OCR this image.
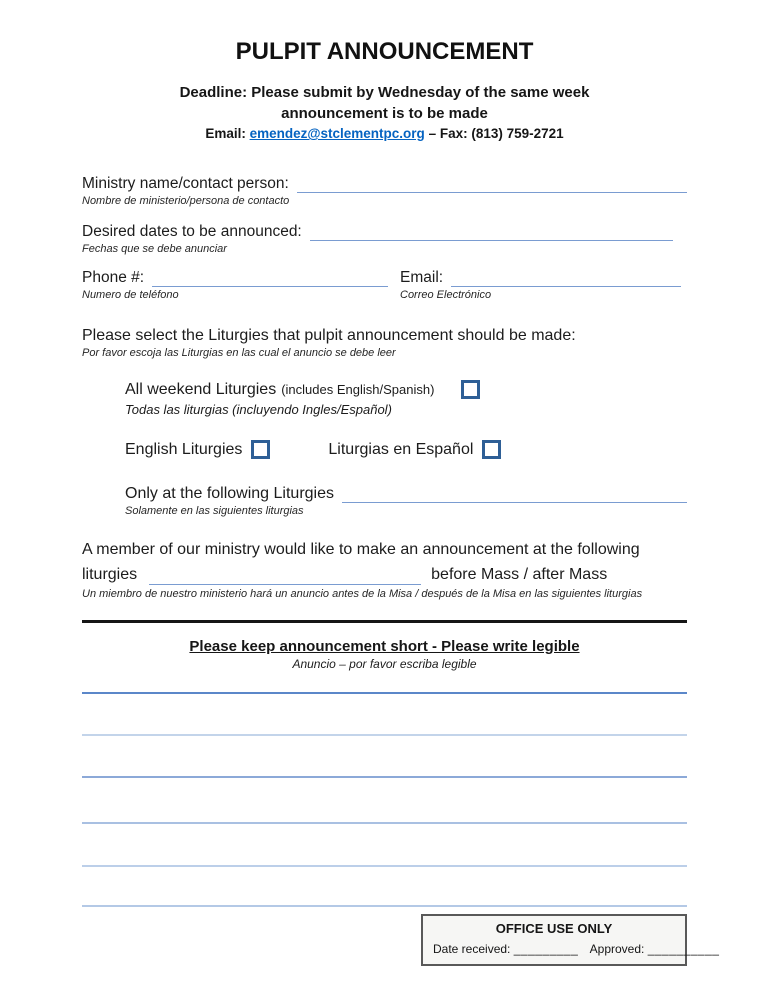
PULPIT ANNOUNCEMENT
Deadline: Please submit by Wednesday of the same week
announcement is to be made
Email: emendez@stclementpc.org – Fax: (813) 759-2721
Ministry name/contact person:
Nombre de ministerio/persona de contacto
Desired dates to be announced:
Fechas que se debe anunciar
Phone #:
Numero de teléfono
Email:
Correo Electrónico
Please select the Liturgies that pulpit announcement should be made:
Por favor escoja las Liturgias en las cual el anuncio se debe leer
All weekend Liturgies (includes English/Spanish)
Todas las liturgias (incluyendo Ingles/Español)
English Liturgies	Liturgias en Español
Only at the following Liturgies
Solamente en las siguientes liturgias
A member of our ministry would like to make an announcement at the following
liturgies	before Mass / after Mass
Un miembro de nuestro ministerio hará un anuncio antes de la Misa / después de la Misa en las siguientes liturgias
Please keep announcement short - Please write legible
Anuncio – por favor escriba legible
OFFICE USE ONLY
Date received: _________ Approved: __________
